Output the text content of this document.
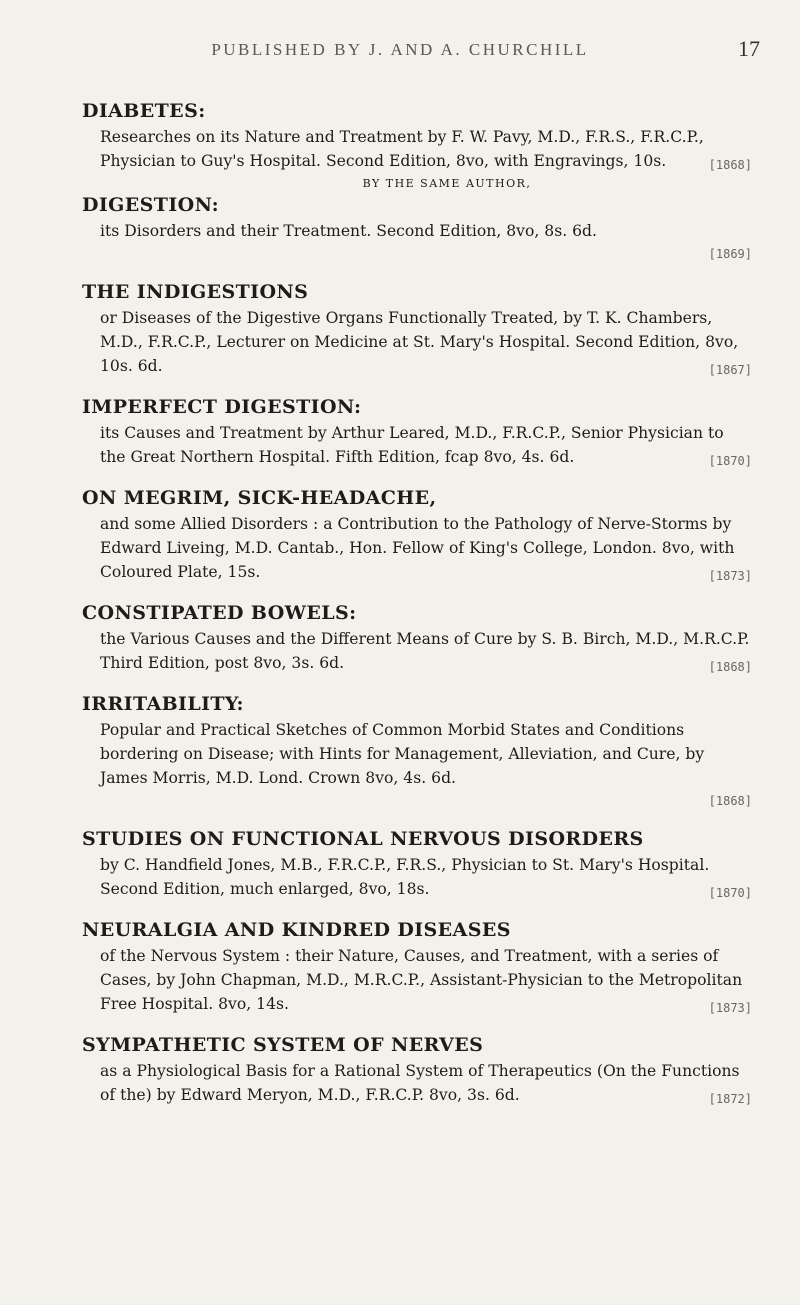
PUBLISHED BY J. AND A. CHURCHILL	17
DIABETES:

Researches on its Nature and Treatment by F. W. Pavy, M.D., F.R.S., F.R.C.P., Physician to Guy's Hospital. Second Edition, 8vo, with Engravings, 10s.	[1868]

BY THE SAME AUTHOR,
DIGESTION:

its Disorders and their Treatment. Second Edition, 8vo, 8s. 6d.

[1869]
THE INDIGESTIONS

or Diseases of the Digestive Organs Functionally Treated, by T. K. Chambers, M.D., F.R.C.P., Lecturer on Medicine at St. Mary's Hospital. Second Edition, 8vo, 10s. 6d.	[1867]

IMPERFECT DIGESTION:

its Causes and Treatment by Arthur Leared, M.D., F.R.C.P., Senior Physician to the Great Northern Hospital. Fifth Edition, fcap 8vo, 4s. 6d.	[1870]

ON MEGRIM, SICK-HEADACHE,

and some Allied Disorders : a Contribution to the Pathology of Nerve-Storms by Edward Liveing, M.D. Cantab., Hon. Fellow of King's College, London. 8vo, with Coloured Plate, 15s.	[1873]

CONSTIPATED BOWELS:

the Various Causes and the Different Means of Cure by S. B. Birch, M.D., M.R.C.P. Third Edition, post 8vo, 3s. 6d.	[1868]

IRRITABILITY:

Popular and Practical Sketches of Common Morbid States and Conditions bordering on Disease; with Hints for Management, Alleviation, and Cure, by James Morris, M.D. Lond. Crown 8vo, 4s. 6d.

[1868]
STUDIES ON FUNCTIONAL NERVOUS DISORDERS

by C. Handfield Jones, M.B., F.R.C.P., F.R.S., Physician to St. Mary's Hospital. Second Edition, much enlarged, 8vo, 18s.	[1870]

NEURALGIA AND KINDRED DISEASES

of the Nervous System : their Nature, Causes, and Treatment, with a series of Cases, by John Chapman, M.D., M.R.C.P., Assistant-Physician to the Metropolitan Free Hospital. 8vo, 14s.	[1873]

SYMPATHETIC SYSTEM OF NERVES

as a Physiological Basis for a Rational System of Therapeutics (On the Functions of the) by Edward Meryon, M.D., F.R.C.P. 8vo, 3s. 6d.	[1872]
